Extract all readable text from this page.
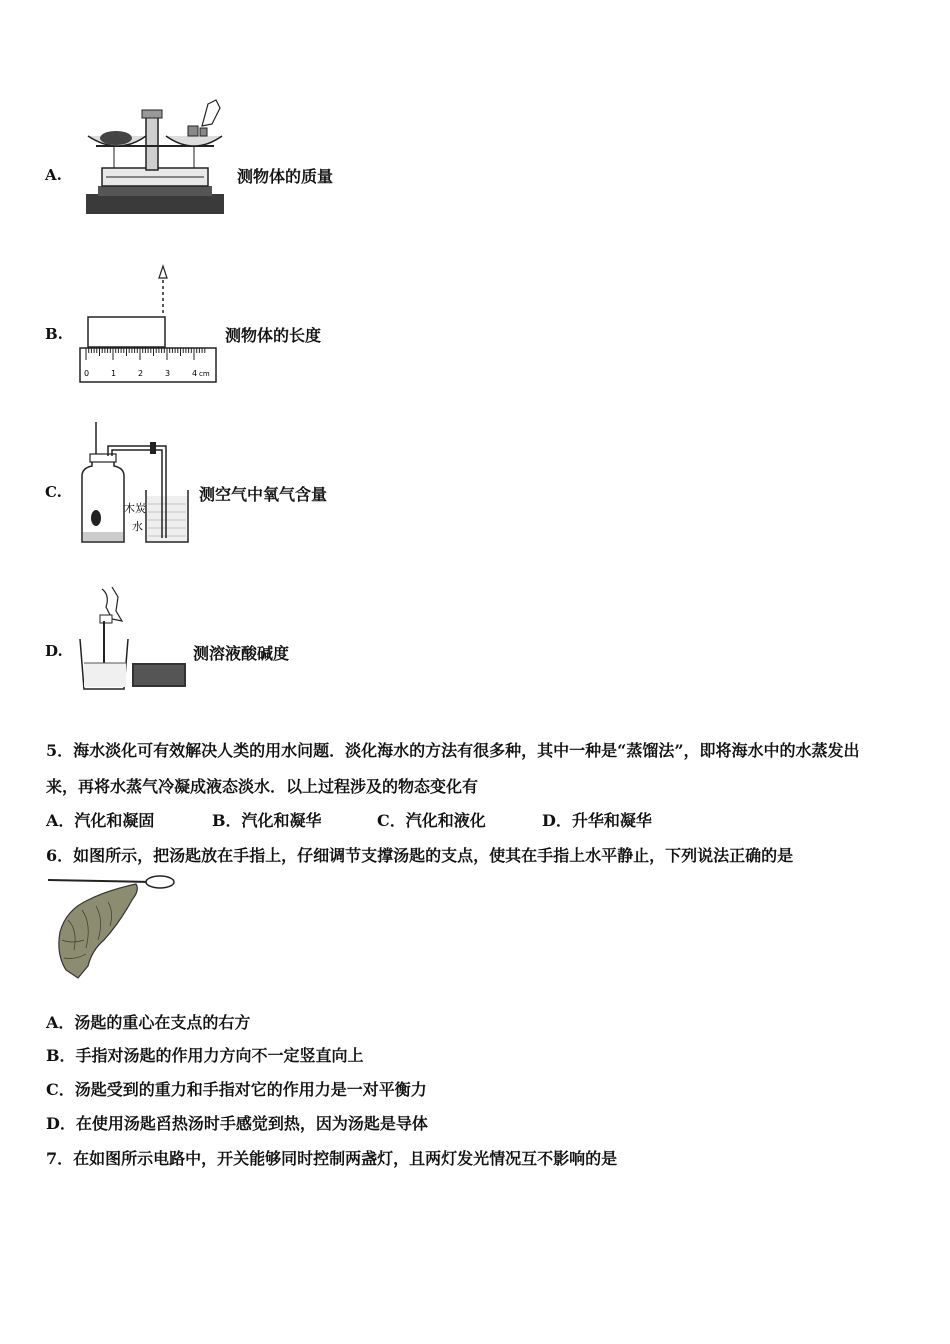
A.	测物体的质量
B.
0	1	2	3	4 cm
测物体的长度
C.
木炭
水
测空气中氧气含量
D.	测溶液酸碱度
5．海水淡化可有效解决人类的用水问题．淡化海水的方法有很多种，其中一种是“蒸馏法”，即将海水中的水蒸发出
来，再将水蒸气冷凝成液态淡水．以上过程涉及的物态变化有
A．汽化和凝固	B．汽化和凝华	C．汽化和液化	D．升华和凝华
6．如图所示，把汤匙放在手指上，仔细调节支撑汤匙的支点，使其在手指上水平静止，下列说法正确的是
A．汤匙的重心在支点的右方
B．手指对汤匙的作用力方向不一定竖直向上
C．汤匙受到的重力和手指对它的作用力是一对平衡力
D．在使用汤匙舀热汤时手感觉到热，因为汤匙是导体
7．在如图所示电路中，开关能够同时控制两盏灯，且两灯发光情况互不影响的是
